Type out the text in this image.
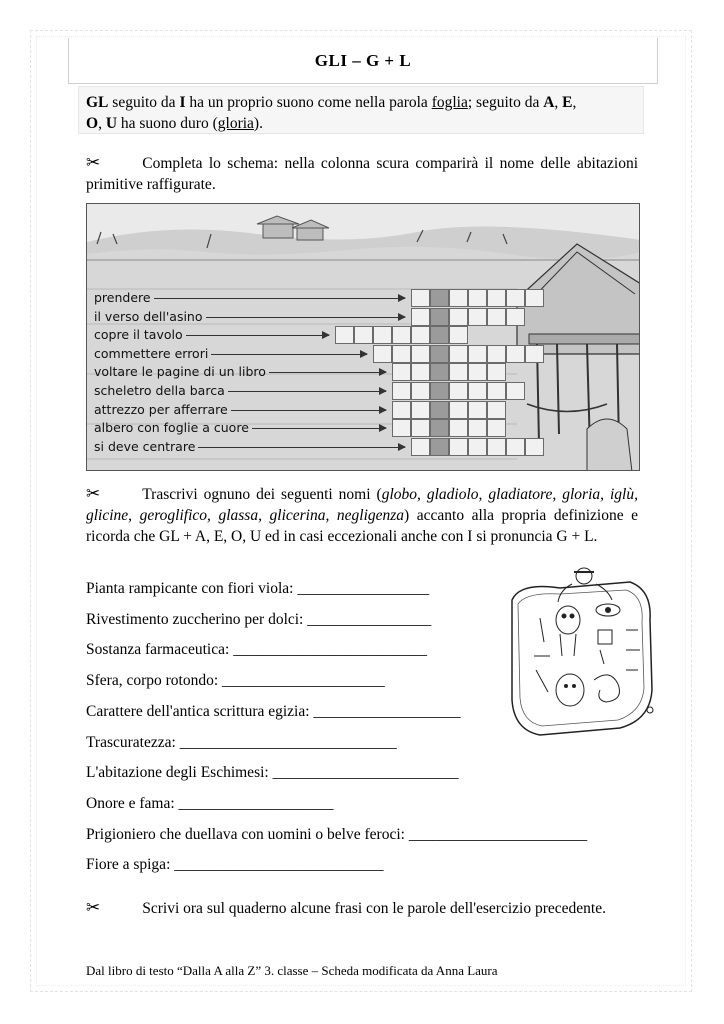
GLI – G + L

GL seguito da I ha un proprio suono come nella parola foglia; seguito da A, E,
O, U ha suono duro (gloria).

✂	Completa lo schema: nella colonna scura comparirà il nome delle abitazioni primitive raffigurate.

prendere
il verso dell'asino
copre il tavolo
commettere errori
voltare le pagine di un libro
scheletro della barca
attrezzo per afferrare
albero con foglie a cuore
si deve centrare

✂	Trascrivi ognuno dei seguenti nomi (globo, gladiolo, gladiatore, gloria, iglù, glicine, geroglifico, glassa, glicerina, negligenza) accanto alla propria definizione e ricorda che GL + A, E, O, U ed in casi eccezionali anche con I si pronuncia G + L.

Pianta rampicante con fiori viola: _________________

Rivestimento zuccherino per dolci: ________________

Sostanza farmaceutica: _________________________

Sfera, corpo rotondo: _____________________

Carattere dell'antica scrittura egizia: ___________________

Trascuratezza: ____________________________

L'abitazione degli Eschimesi: ________________________

Onore e fama: ____________________

Prigioniero che duellava con uomini o belve feroci: _______________________

Fiore a spiga: ___________________________

✂	Scrivi ora sul quaderno alcune frasi con le parole dell'esercizio precedente.

Dal libro di testo “Dalla A alla Z” 3. classe – Scheda modificata da Anna Laura
